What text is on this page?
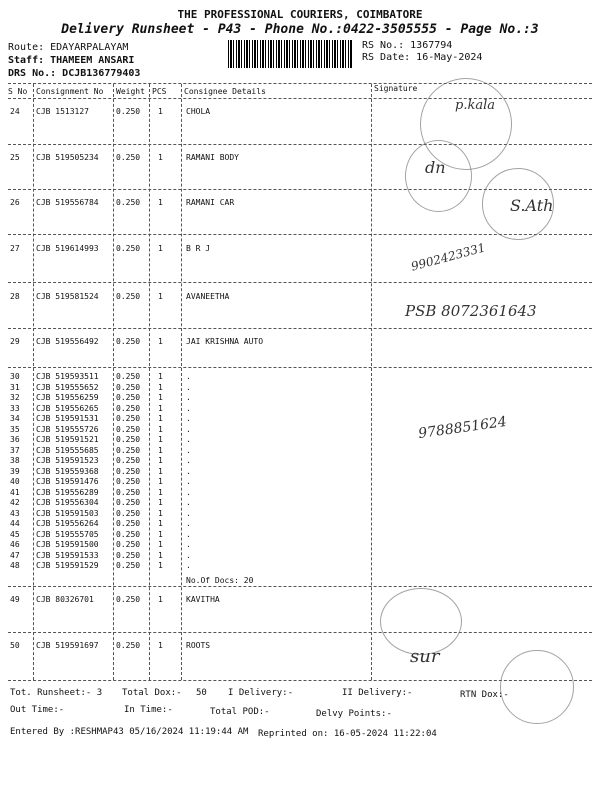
THE PROFESSIONAL COURIERS, COIMBATORE
Delivery Runsheet - P43 - Phone No.:0422-3505555 - Page No.:3
Route: EDAYARPALAYAM
Staff: THAMEEM ANSARI
DRS No.: DCJB136779403
RS No.: 1367794
RS Date: 16-May-2024
S No Consignment No Weight PCS Consignee Details	Signature
24 CJB 1513127	0.250 1	CHOLA
25 CJB 519505234 0.250 1	RAMANI BODY
26 CJB 519556784 0.250 1	RAMANI CAR
27 CJB 519614993 0.250 1	B R J
28 CJB 519581524 0.250 1	AVANEETHA
29 CJB 519556492 0.250 1	JAI KRISHNA AUTO
30 CJB 519593511 0.250 1	.
31 CJB 519555652 0.250 1	.
32 CJB 519556259 0.250 1	.
33 CJB 519556265 0.250 1	.
34 CJB 519591531 0.250 1	.
35 CJB 519555726 0.250 1	.
36 CJB 519591521 0.250 1	.
37 CJB 519555685 0.250 1	.
38 CJB 519591523 0.250 1	.
39 CJB 519559368 0.250 1	.
40 CJB 519591476 0.250 1	.
41 CJB 519556289 0.250 1	.
42 CJB 519556304 0.250 1	.
43 CJB 519591503 0.250 1	.
44 CJB 519556264 0.250 1	.
45 CJB 519555705 0.250 1	.
46 CJB 519591500 0.250 1	.
47 CJB 519591533 0.250 1	.
48 CJB 519591529 0.250 1	.
No.Of Docs: 20
49 CJB 80326701	0.250 1	KAVITHA
50 CJB 519591697 0.250 1	ROOTS
Tot. Runsheet:- 3 Total Dox:- 50 I Delivery:-	II Delivery:-	RTN Dox:-
Out Time:-	In Time:-	Total POD:-	Delvy Points:-
Entered By :RESHMAP43 05/16/2024 11:19:44 AM Reprinted on: 16-05-2024 11:22:04
p.kala
dn
S.Ath
9902423331
PSB 8072361643
9788851624
sur
